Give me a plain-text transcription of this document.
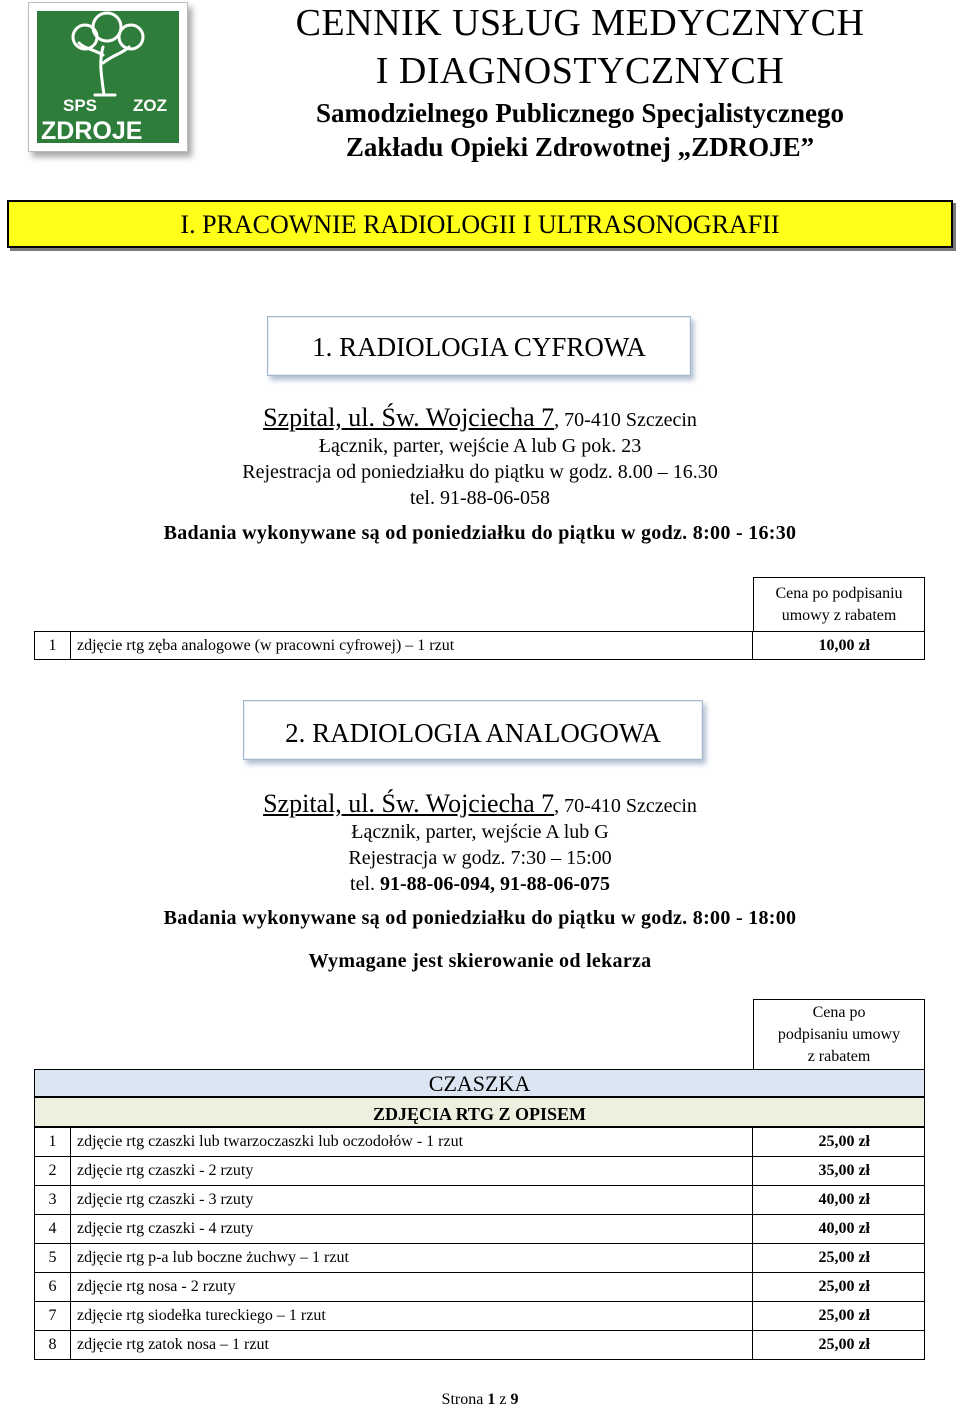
SPS ZOZ
ZDROJE
CENNIK USŁUG MEDYCZNYCH
I DIAGNOSTYCZNYCH
Samodzielnego Publicznego Specjalistycznego
Zakładu Opieki Zdrowotnej „ZDROJE”
I. PRACOWNIE RADIOLOGII I ULTRASONOGRAFII
1. RADIOLOGIA CYFROWA
Szpital, ul. Św. Wojciecha 7, 70-410 Szczecin
Łącznik, parter, wejście A lub G pok. 23
Rejestracja od poniedziałku do piątku w godz. 8.00 – 16.30
tel. 91-88-06-058
Badania wykonywane są od poniedziałku do piątku w godz. 8:00 - 16:30
Cena po podpisaniu umowy z rabatem
1	zdjęcie rtg zęba analogowe (w pracowni cyfrowej) – 1 rzut	10,00 zł
2. RADIOLOGIA ANALOGOWA
Szpital, ul. Św. Wojciecha 7, 70-410 Szczecin
Łącznik, parter, wejście A lub G
Rejestracja w godz. 7:30 – 15:00
tel. 91-88-06-094, 91-88-06-075
Badania wykonywane są od poniedziałku do piątku w godz. 8:00 - 18:00
Wymagane jest skierowanie od lekarza
Cena po
podpisaniu umowy
z rabatem
CZASZKA
ZDJĘCIA RTG Z OPISEM
1	zdjęcie rtg czaszki lub twarzoczaszki lub oczodołów - 1 rzut	25,00 zł
2	zdjęcie rtg czaszki - 2 rzuty	35,00 zł
3	zdjęcie rtg czaszki - 3 rzuty	40,00 zł
4	zdjęcie rtg czaszki - 4 rzuty	40,00 zł
5	zdjęcie rtg p-a lub boczne żuchwy – 1 rzut	25,00 zł
6	zdjęcie rtg nosa - 2 rzuty	25,00 zł
7	zdjęcie rtg siodełka tureckiego – 1 rzut	25,00 zł
8	zdjęcie rtg zatok nosa – 1 rzut	25,00 zł
Strona 1 z 9
